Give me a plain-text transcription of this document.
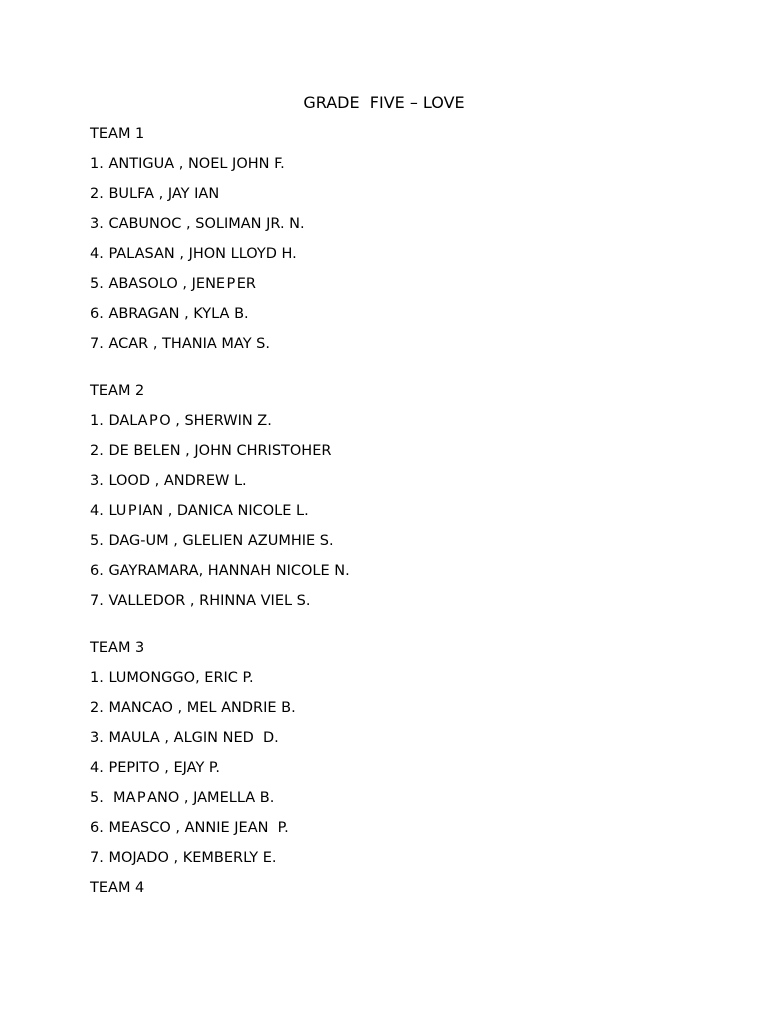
GRADE  FIVE – LOVE
TEAM 1
1. ANTIGUA , NOEL JOHN F.
2. BULFA , JAY IAN
3. CABUNOC , SOLIMAN JR. N.
4. PALASAN , JHON LLOYD H.
5. ABASOLO , JENE P ER
6. ABRAGAN , KYLA B.
7. ACAR , THANIA MAY S.
TEAM 2
1. DALA P O , SHERWIN Z.
2. DE BELEN , JOHN CHRISTOHER
3. LOOD , ANDREW L.
4. LU P IAN , DANICA NICOLE L.
5. DAG-UM , GLELIEN AZUMHIE S.
6. GAYRAMARA, HANNAH NICOLE N.
7. VALLEDOR , RHINNA VIEL S.
TEAM 3
1. LUMONGGO, ERIC P.
2. MANCAO , MEL ANDRIE B.
3. MAULA , ALGIN NED  D.
4. PEPITO , EJAY P.
5.  MA P ANO , JAMELLA B.
6. MEASCO , ANNIE JEAN  P.
7. MOJADO , KEMBERLY E.
TEAM 4
